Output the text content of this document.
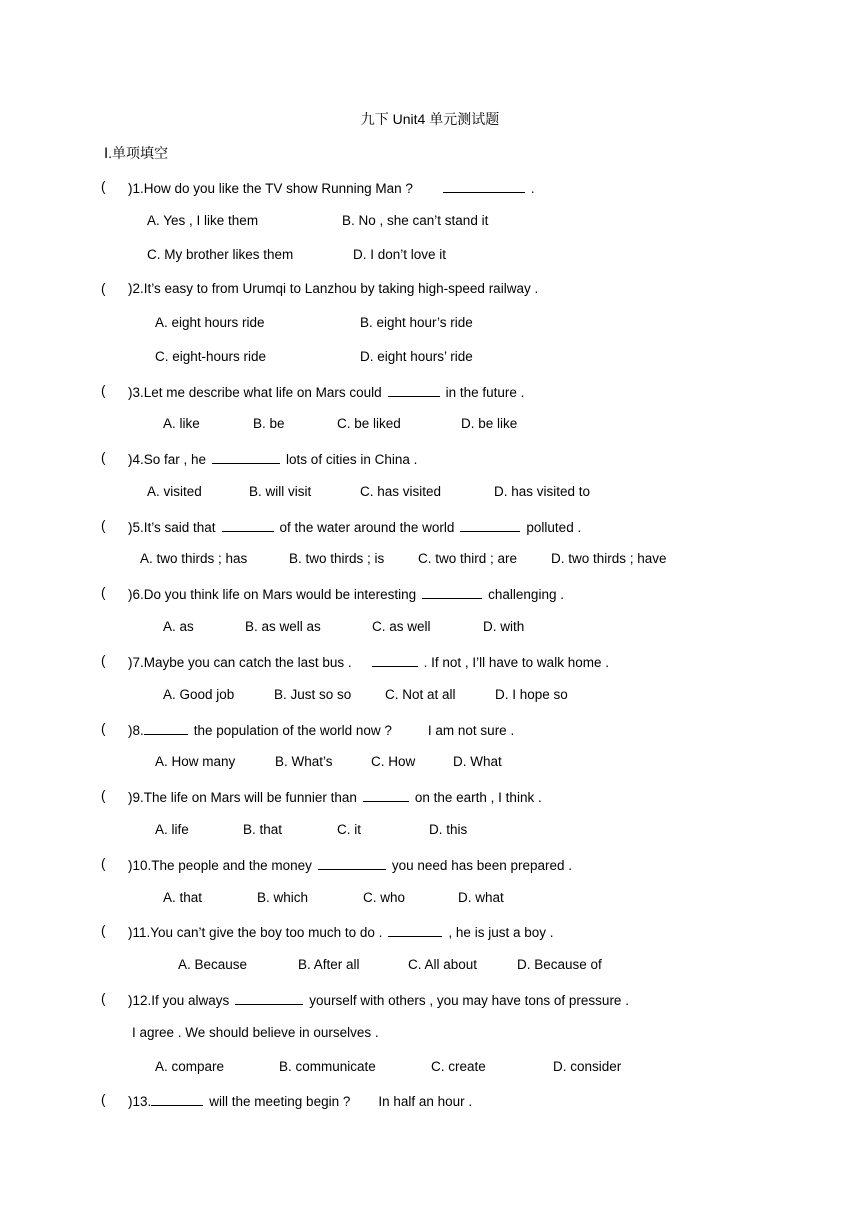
九下 Unit4 单元测试题
Ⅰ.单项填空
( )1.How do you like the TV show Running Man ?	.
A. Yes , I like them	B. No , she can’t stand it
C. My brother likes them	D. I don’t love it
( )2.It’s easy to from Urumqi to Lanzhou by taking high-speed railway .
A. eight hours ride	B. eight hour’s ride
C. eight-hours ride	D. eight hours’ ride
( )3.Let me describe what life on Mars could	in the future .
A. like	B. be	C. be liked	D. be like
( )4.So far , he	lots of cities in China .
A. visited	B. will visit	C. has visited	D. has visited to
( )5.It’s said that	of the water around the world	polluted .
A. two thirds ; has	B. two thirds ; is C. two third ; are	D. two thirds ; have
( )6.Do you think life on Mars would be interesting	challenging .
A. as	B. as well as	C. as well	D. with
( )7.Maybe you can catch the last bus .	. If not , I’ll have to walk home .
A. Good job	B. Just so so C. Not at all	D. I hope so
( )8.	the population of the world now ?	I am not sure .
A. How many	B. What’s	C. How	D. What
( )9.The life on Mars will be funnier than	on the earth , I think .
A. life	B. that	C. it	D. this
( )10.The people and the money	you need has been prepared .
A. that	B. which	C. who	D. what
( )11.You can’t give the boy too much to do .	, he is just a boy .
A. Because	B. After all	C. All about	D. Because of
( )12.If you always	yourself with others , you may have tons of pressure .
I agree . We should believe in ourselves .
A. compare	B. communicate	C. create	D. consider
( )13.	will the meeting begin ? In half an hour .
